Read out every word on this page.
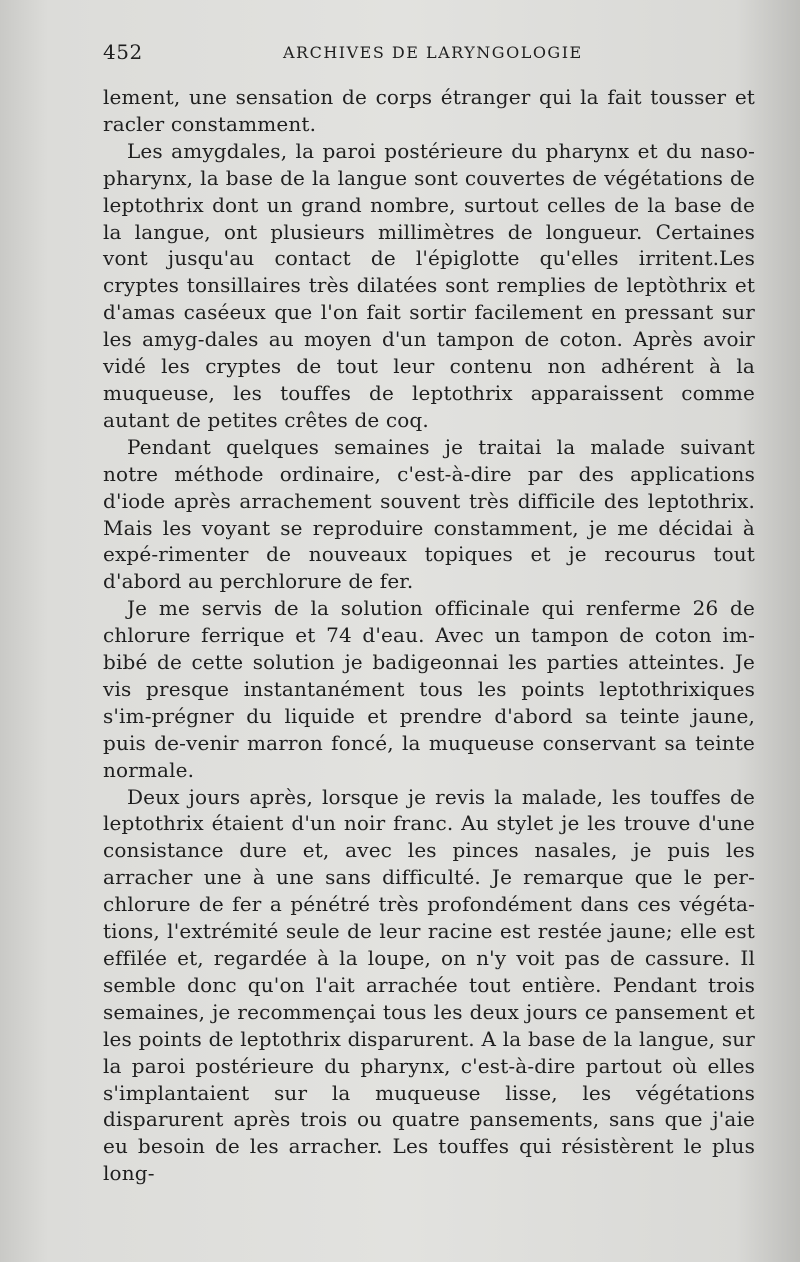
452	ARCHIVES DE LARYNGOLOGIE

lement, une sensation de corps étranger qui la fait tousser et racler constamment.

Les amygdales, la paroi postérieure du pharynx et du naso-pharynx, la base de la langue sont couvertes de végétations de leptothrix dont un grand nombre, surtout celles de la base de la langue, ont plusieurs millimètres de longueur. Certaines vont jusqu'au contact de l'épiglotte qu'elles irritent.Les cryptes tonsillaires très dilatées sont remplies de leptòthrix et d'amas caséeux que l'on fait sortir facilement en pressant sur les amyg-dales au moyen d'un tampon de coton. Après avoir vidé les cryptes de tout leur contenu non adhérent à la muqueuse, les touffes de leptothrix apparaissent comme autant de petites crêtes de coq.

Pendant quelques semaines je traitai la malade suivant notre méthode ordinaire, c'est-à-dire par des applications d'iode après arrachement souvent très difficile des leptothrix. Mais les voyant se reproduire constamment, je me décidai à expé-rimenter de nouveaux topiques et je recourus tout d'abord au perchlorure de fer.

Je me servis de la solution officinale qui renferme 26 de chlorure ferrique et 74 d'eau. Avec un tampon de coton im-bibé de cette solution je badigeonnai les parties atteintes. Je vis presque instantanément tous les points leptothrixiques s'im-prégner du liquide et prendre d'abord sa teinte jaune, puis de-venir marron foncé, la muqueuse conservant sa teinte normale.

Deux jours après, lorsque je revis la malade, les touffes de leptothrix étaient d'un noir franc. Au stylet je les trouve d'une consistance dure et, avec les pinces nasales, je puis les arracher une à une sans difficulté. Je remarque que le per-chlorure de fer a pénétré très profondément dans ces végéta-tions, l'extrémité seule de leur racine est restée jaune; elle est effilée et, regardée à la loupe, on n'y voit pas de cassure. Il semble donc qu'on l'ait arrachée tout entière. Pendant trois semaines, je recommençai tous les deux jours ce pansement et les points de leptothrix disparurent. A la base de la langue, sur la paroi postérieure du pharynx, c'est-à-dire partout où elles s'implantaient sur la muqueuse lisse, les végétations disparurent après trois ou quatre pansements, sans que j'aie eu besoin de les arracher. Les touffes qui résistèrent le plus long-
